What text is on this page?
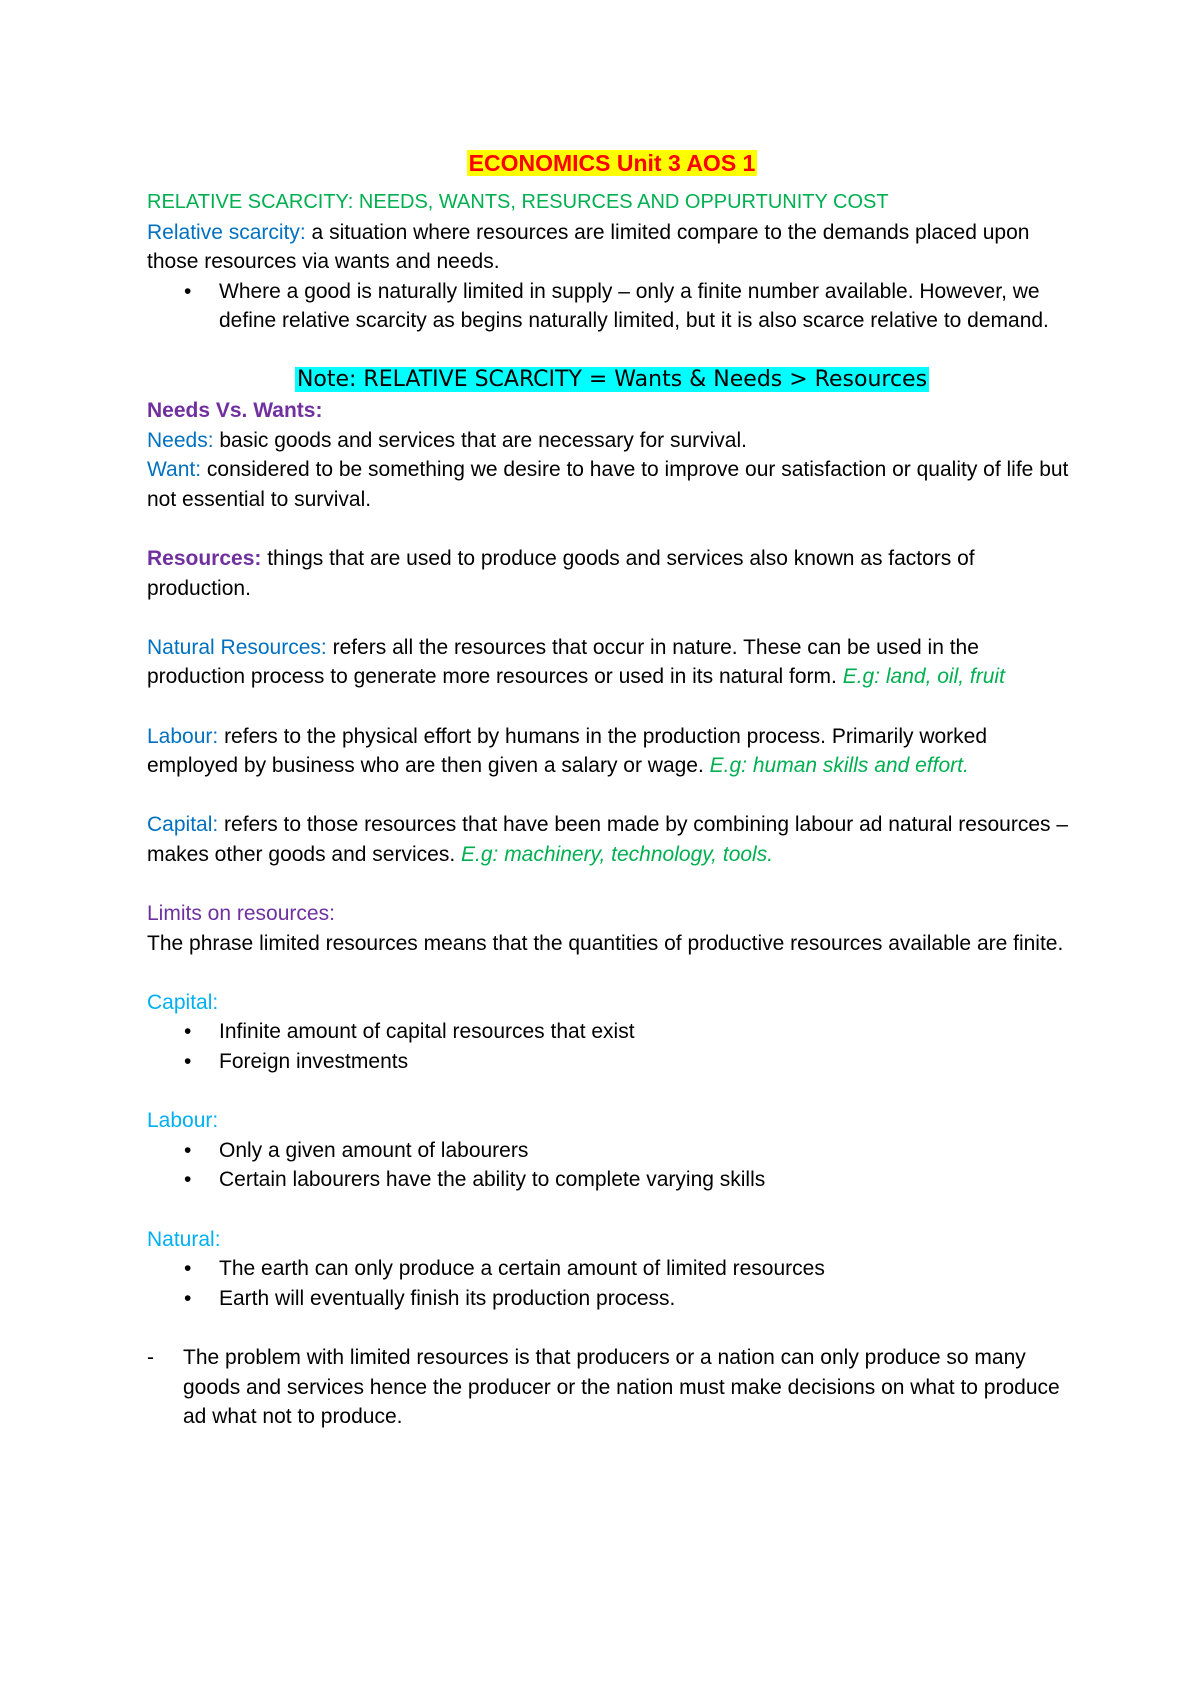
ECONOMICS Unit 3 AOS 1

RELATIVE SCARCITY: NEEDS, WANTS, RESURCES AND OPPURTUNITY COST

Relative scarcity: a situation where resources are limited compare to the demands placed upon those resources via wants and needs.

• Where a good is naturally limited in supply – only a finite number available. However, we define relative scarcity as begins naturally limited, but it is also scarce relative to demand.

Note: RELATIVE SCARCITY = Wants & Needs > Resources

Needs Vs. Wants:

Needs: basic goods and services that are necessary for survival.

Want: considered to be something we desire to have to improve our satisfaction or quality of life but not essential to survival.

Resources: things that are used to produce goods and services also known as factors of production.

Natural Resources: refers all the resources that occur in nature. These can be used in the production process to generate more resources or used in its natural form. E.g: land, oil, fruit

Labour: refers to the physical effort by humans in the production process. Primarily worked employed by business who are then given a salary or wage. E.g: human skills and effort.

Capital: refers to those resources that have been made by combining labour ad natural resources – makes other goods and services. E.g: machinery, technology, tools.

Limits on resources:

The phrase limited resources means that the quantities of productive resources available are finite.

Capital:

• Infinite amount of capital resources that exist
• Foreign investments

Labour:

• Only a given amount of labourers
• Certain labourers have the ability to complete varying skills

Natural:

• The earth can only produce a certain amount of limited resources
• Earth will eventually finish its production process.
- The problem with limited resources is that producers or a nation can only produce so many goods and services hence the producer or the nation must make decisions on what to produce ad what not to produce.
